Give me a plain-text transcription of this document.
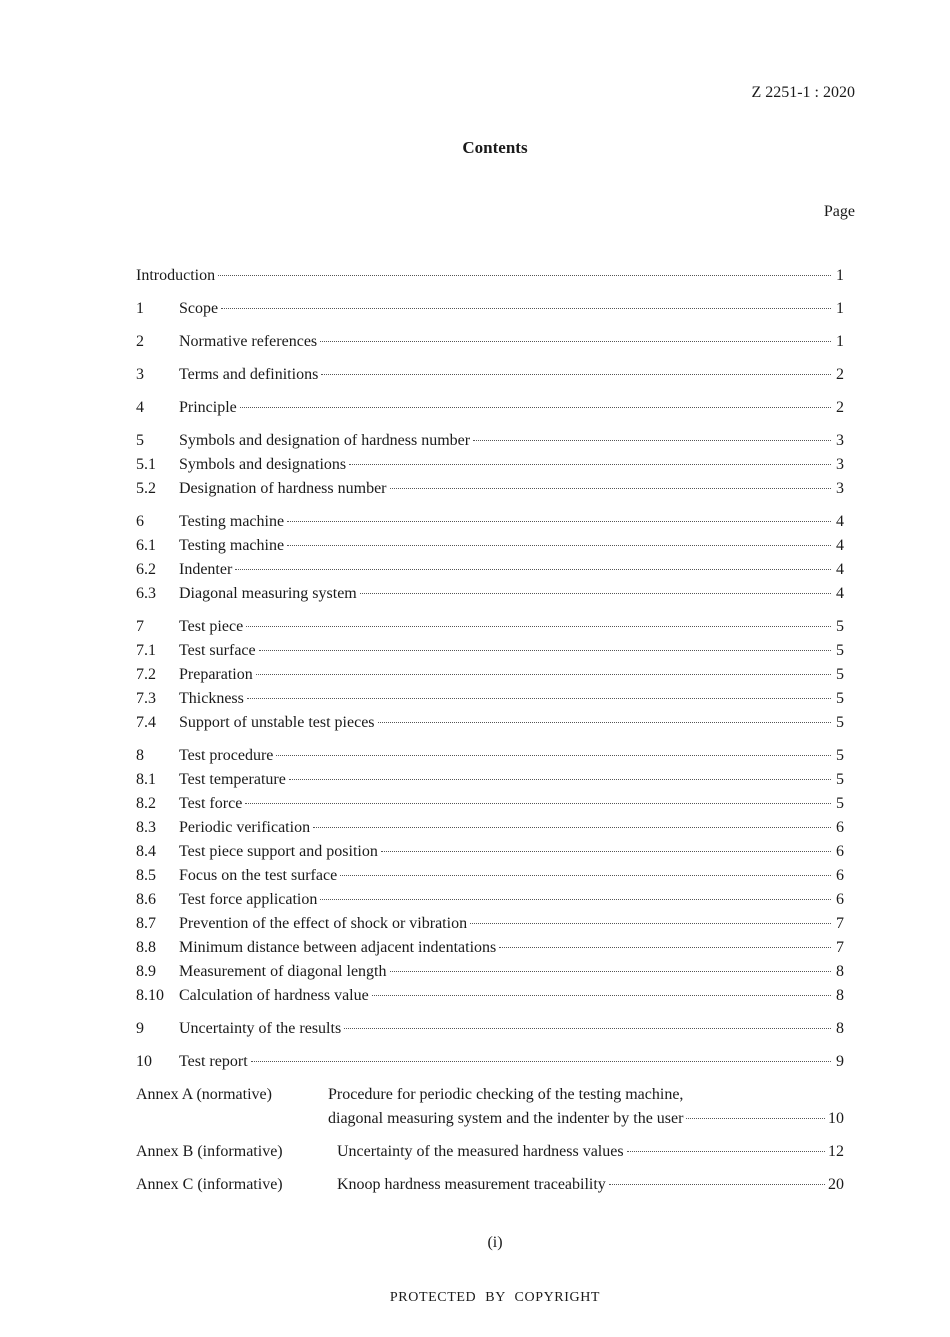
Z 2251-1 : 2020
Contents
Page
Introduction	1
1	Scope	1
2	Normative references	1
3	Terms and definitions	2
4	Principle	2
5	Symbols and designation of hardness number	3
5.1	Symbols and designations	3
5.2	Designation of hardness number	3
6	Testing machine	4
6.1	Testing machine	4
6.2	Indenter	4
6.3	Diagonal measuring system	4
7	Test piece	5
7.1	Test surface	5
7.2	Preparation	5
7.3	Thickness	5
7.4	Support of unstable test pieces	5
8	Test procedure	5
8.1	Test temperature	5
8.2	Test force	5
8.3	Periodic verification	6
8.4	Test piece support and position	6
8.5	Focus on the test surface	6
8.6	Test force application	6
8.7	Prevention of the effect of shock or vibration	7
8.8	Minimum distance between adjacent indentations	7
8.9	Measurement of diagonal length	8
8.10 Calculation of hardness value	8
9	Uncertainty of the results	8
10	Test report	9
Annex A (normative)	Procedure for periodic checking of the testing machine,
diagonal measuring system and the indenter by the user	10
Annex B (informative)	Uncertainty of the measured hardness values	12
Annex C (informative)	Knoop hardness measurement traceability	20
(i)
PROTECTED BY COPYRIGHT
